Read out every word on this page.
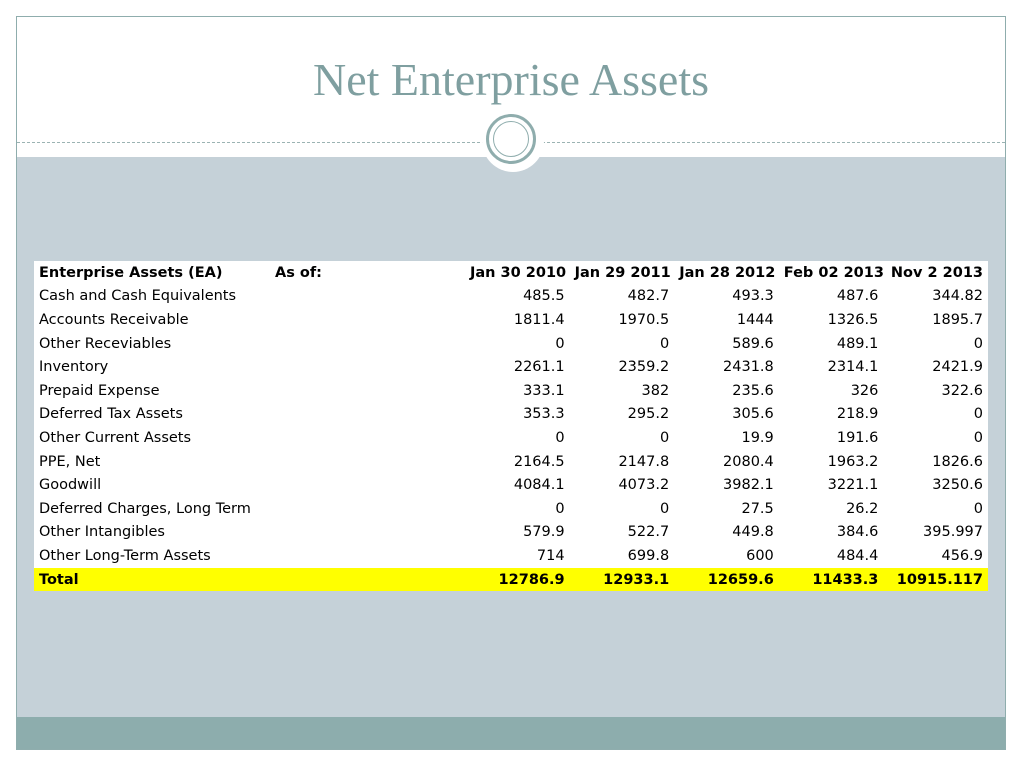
Net Enterprise Assets
Enterprise Assets (EA)	As of:	Jan 30 2010	Jan 29 2011	Jan 28 2012	Feb 02 2013	Nov 2 2013
Cash and Cash Equivalents		485.5	482.7	493.3	487.6	344.82
Accounts Receivable		1811.4	1970.5	1444	1326.5	1895.7
Other Receviables		0	0	589.6	489.1	0
Inventory		2261.1	2359.2	2431.8	2314.1	2421.9
Prepaid Expense		333.1	382	235.6	326	322.6
Deferred Tax Assets		353.3	295.2	305.6	218.9	0
Other Current Assets		0	0	19.9	191.6	0
PPE, Net		2164.5	2147.8	2080.4	1963.2	1826.6
Goodwill		4084.1	4073.2	3982.1	3221.1	3250.6
Deferred Charges, Long Term		0	0	27.5	26.2	0
Other Intangibles		579.9	522.7	449.8	384.6	395.997
Other Long-Term Assets		714	699.8	600	484.4	456.9
Total		12786.9	12933.1	12659.6	11433.3	10915.117
